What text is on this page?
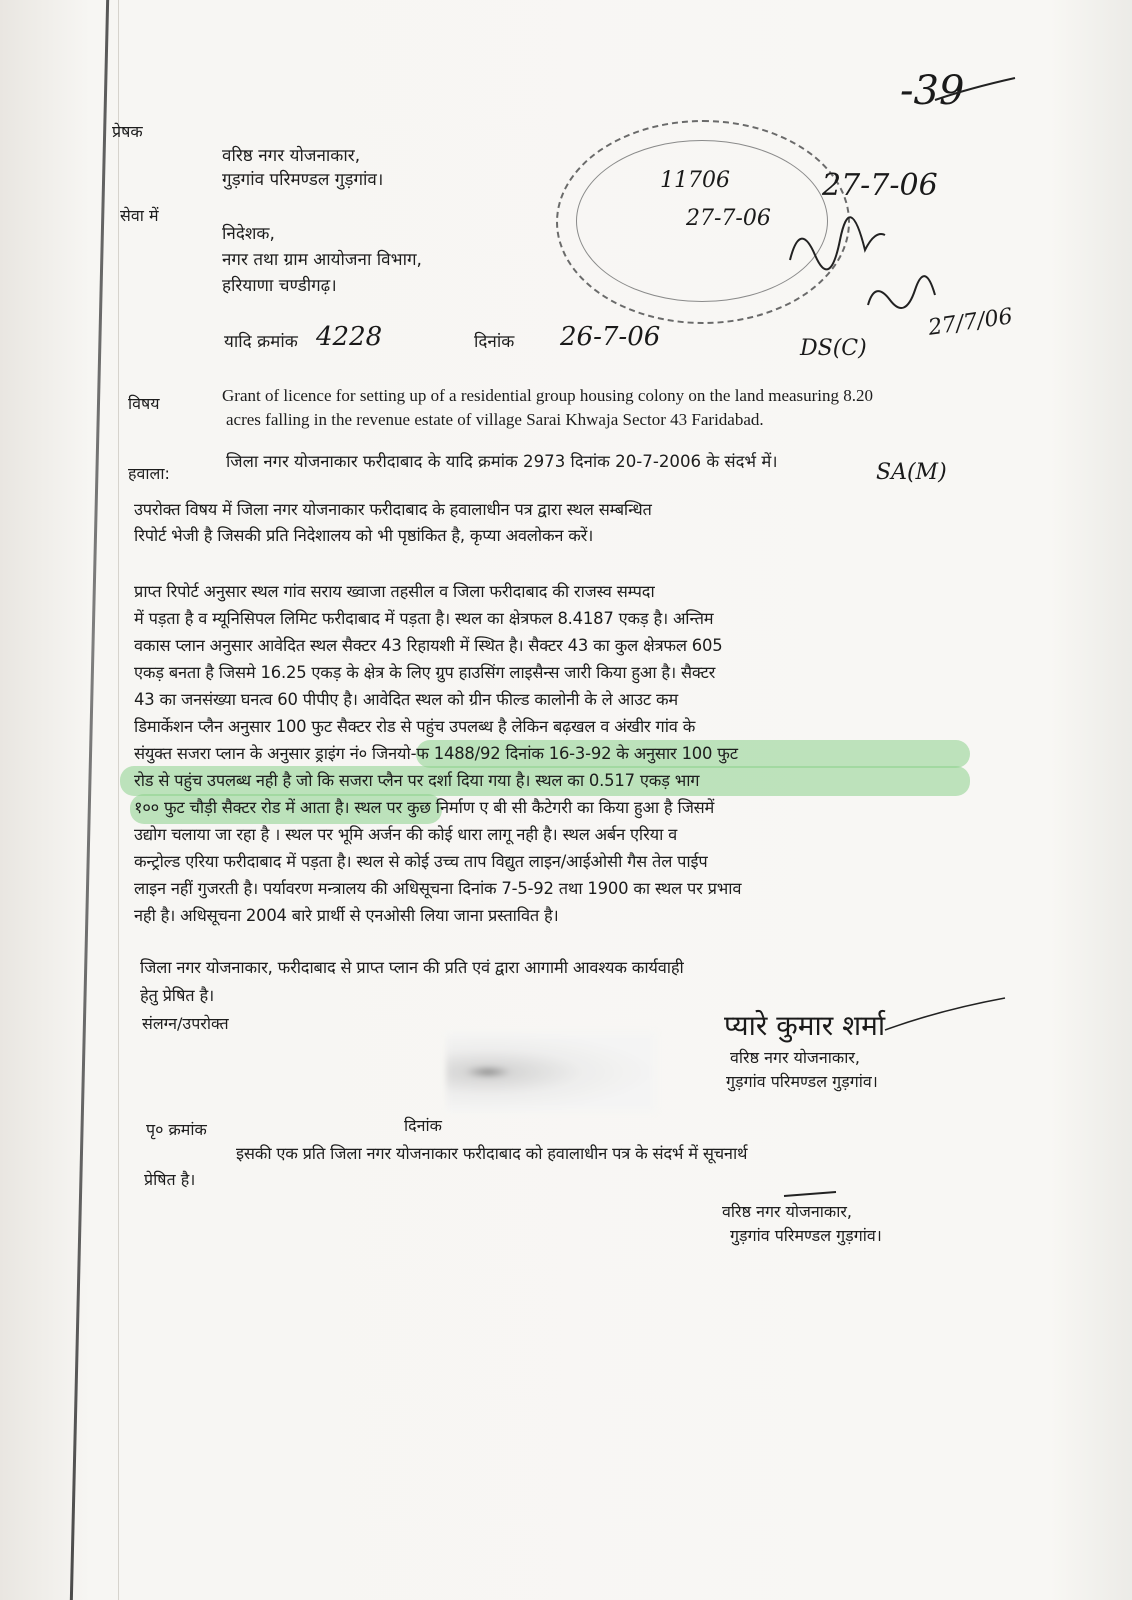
-39
11706
27-7-06
27-7-06
DS(C)
27/7/06
SA(M)
प्रेषक
वरिष्ठ नगर योजनाकार,
गुड़गांव परिमण्डल गुड़गांव।
सेवा में
निदेशक,
नगर तथा ग्राम आयोजना विभाग,
हरियाणा चण्डीगढ़।
यादि क्रमांक 4228	दिनांक 26-7-06
विषय	Grant of licence for setting up of a residential group housing colony on the land measuring 8.20
acres falling in the revenue estate of village Sarai Khwaja Sector 43 Faridabad.
हवाला:
जिला नगर योजनाकार फरीदाबाद के यादि क्रमांक 2973 दिनांक 20-7-2006 के संदर्भ में।
उपरोक्त विषय में जिला नगर योजनाकार फरीदाबाद के हवालाधीन पत्र द्वारा स्थल सम्बन्धित
रिपोर्ट भेजी है जिसकी प्रति निदेशालय को भी पृष्ठांकित है, कृप्या अवलोकन करें।
प्राप्त रिपोर्ट अनुसार स्थल गांव सराय ख्वाजा तहसील व जिला फरीदाबाद की राजस्व सम्पदा
में पड़ता है व म्यूनिसिपल लिमिट फरीदाबाद में पड़ता है। स्थल का क्षेत्रफल 8.4187 एकड़ है। अन्तिम
वकास प्लान अनुसार आवेदित स्थल सैक्टर 43 रिहायशी में स्थित है। सैक्टर 43 का कुल क्षेत्रफल 605
एकड़ बनता है जिसमे 16.25 एकड़ के क्षेत्र के लिए ग्रुप हाउसिंग लाइसैन्स जारी किया हुआ है। सैक्टर
43 का जनसंख्या घनत्व 60 पीपीए है। आवेदित स्थल को ग्रीन फील्ड कालोनी के ले आउट कम
डिमार्केशन प्लैन अनुसार 100 फुट सैक्टर रोड से पहुंच उपलब्ध है लेकिन बढ़खल व अंखीर गांव के
संयुक्त सजरा प्लान के अनुसार ड्राइंग नं० जिनयो-फ 1488/92 दिनांक 16-3-92 के अनुसार 100 फुट
रोड से पहुंच उपलब्ध नही है जो कि सजरा प्लैन पर दर्शा दिया गया है। स्थल का 0.517 एकड़ भाग
१०० फुट चौड़ी सैक्टर रोड में आता है। स्थल पर कुछ निर्माण ए बी सी कैटेगरी का किया हुआ है जिसमें
उद्योग चलाया जा रहा है । स्थल पर भूमि अर्जन की कोई धारा लागू नही है। स्थल अर्बन एरिया व
कन्ट्रोल्ड एरिया फरीदाबाद में पड़ता है। स्थल से कोई उच्च ताप विद्युत लाइन/आईओसी गैस तेल पाईप
लाइन नहीं गुजरती है। पर्यावरण मन्त्रालय की अधिसूचना दिनांक 7-5-92 तथा 1900 का स्थल पर प्रभाव
नही है। अधिसूचना 2004 बारे प्रार्थी से एनओसी लिया जाना प्रस्तावित है।
जिला नगर योजनाकार, फरीदाबाद से प्राप्त प्लान की प्रति एवं द्वारा आगामी आवश्यक कार्यवाही
हेतु प्रेषित है।
संलग्न/उपरोक्त	प्यारे कुमार शर्मा
वरिष्ठ नगर योजनाकार,
गुड़गांव परिमण्डल गुड़गांव।
पृ० क्रमांक	दिनांक
इसकी एक प्रति जिला नगर योजनाकार फरीदाबाद को हवालाधीन पत्र के संदर्भ में सूचनार्थ
प्रेषित है।
वरिष्ठ नगर योजनाकार,
गुड़गांव परिमण्डल गुड़गांव।
